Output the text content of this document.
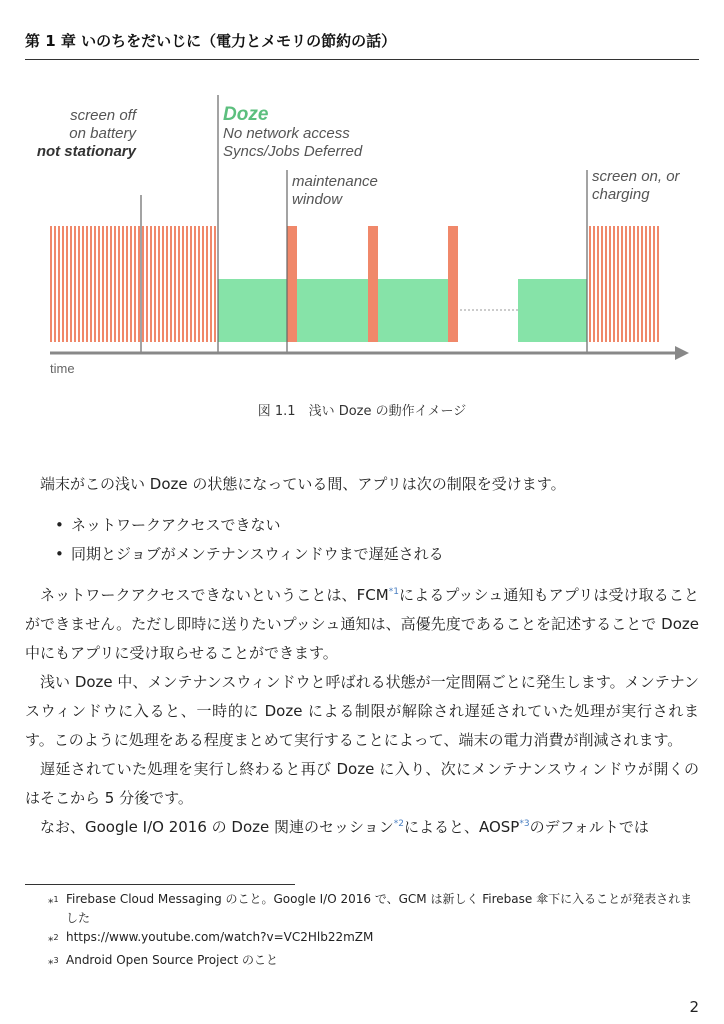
第 1 章 いのちをだいじに（電力とメモリの節約の話）
screen off
on battery
not stationary
Doze
No network access
Syncs/Jobs Deferred
maintenance
window
screen on, or
charging
time
図 1.1　浅い Doze の動作イメージ

端末がこの浅い Doze の状態になっている間、アプリは次の制限を受けます。

• ネットワークアクセスできない
• 同期とジョブがメンテナンスウィンドウまで遅延される

ネットワークアクセスできないということは、FCM$^{*1}$によるプッシュ通知もアプリは受け取ることができません。ただし即時に送りたいプッシュ通知は、高優先度であることを記述することで Doze 中にもアプリに受け取らせることができます。

浅い Doze 中、メンテナンスウィンドウと呼ばれる状態が一定間隔ごとに発生します。メンテナンスウィンドウに入ると、一時的に Doze による制限が解除され遅延されていた処理が実行されます。このように処理をある程度まとめて実行することによって、端末の電力消費が削減されます。

遅延されていた処理を実行し終わると再び Doze に入り、次にメンテナンスウィンドウが開くのはそこから 5 分後です。

なお、Google I/O 2016 の Doze 関連のセッション$^{*2}$によると、AOSP$^{*3}$のデフォルトでは

*$^1$ Firebase Cloud Messaging のこと。Google I/O 2016 で、GCM は新しく Firebase 傘下に入ることが発表されました
*$^2$ https://www.youtube.com/watch?v=VC2Hlb22mZM
*$^3$ Android Open Source Project のこと
2
